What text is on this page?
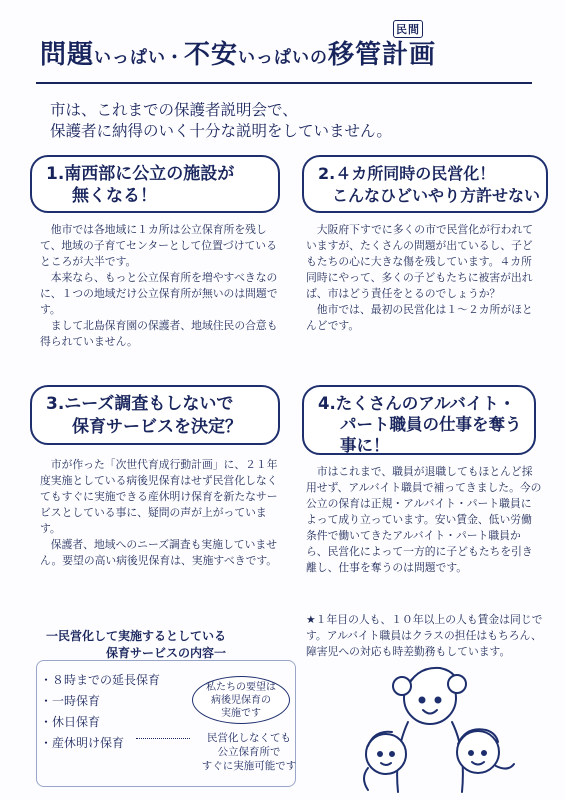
問題いっぱい・不安いっぱいの移管計画
民間
市は、これまでの保護者説明会で、
保護者に納得のいく十分な説明をしていません。
1.南西部に公立の施設が
無くなる！

他市では各地域に１カ所は公立保育所を残して、地域の子育てセンターとして位置づけているところが大半です。

本来なら、もっと公立保育所を増やすべきなのに、１つの地域だけ公立保育所が無いのは問題です。

まして北島保育園の保護者、地域住民の合意も得られていません。

2.４カ所同時の民営化！
こんなひどいやり方許せない

大阪府下すでに多くの市で民営化が行われていますが、たくさんの問題が出ているし、子どもたちの心に大きな傷を残しています。４カ所同時にやって、多くの子どもたちに被害が出れば、市はどう責任をとるのでしょうか？

他市では、最初の民営化は１～２カ所がほとんどです。

3.ニーズ調査もしないで
保育サービスを決定？

市が作った「次世代育成行動計画」に、２１年度実施としている病後児保育はせず民営化しなくてもすぐに実施できる産休明け保育を新たなサービスとしている事に、疑問の声が上がっています。

保護者、地域へのニーズ調査も実施していません。要望の高い病後児保育は、実施すべきです。

4.たくさんのアルバイト・
パート職員の仕事を奪う
事に！

市はこれまで、職員が退職してもほとんど採用せず、アルバイト職員で補ってきました。今の公立の保育は正規・アルバイト・パート職員によって成り立っています。安い賃金、低い労働条件で働いてきたアルバイト・パート職員から、民営化によって一方的に子どもたちを引き離し、仕事を奪うのは問題です。

★１年目の人も、１０年以上の人も賃金は同じです。アルバイト職員はクラスの担任はもちろん、障害児への対応も時差勤務もしています。
一民営化して実施するとしている
保育サービスの内容一
・８時までの延長保育
・一時保育
・休日保育
・産休明け保育
私たちの要望は
病後児保育の
実施です
民営化しなくても
公立保育所で
すぐに実施可能です
